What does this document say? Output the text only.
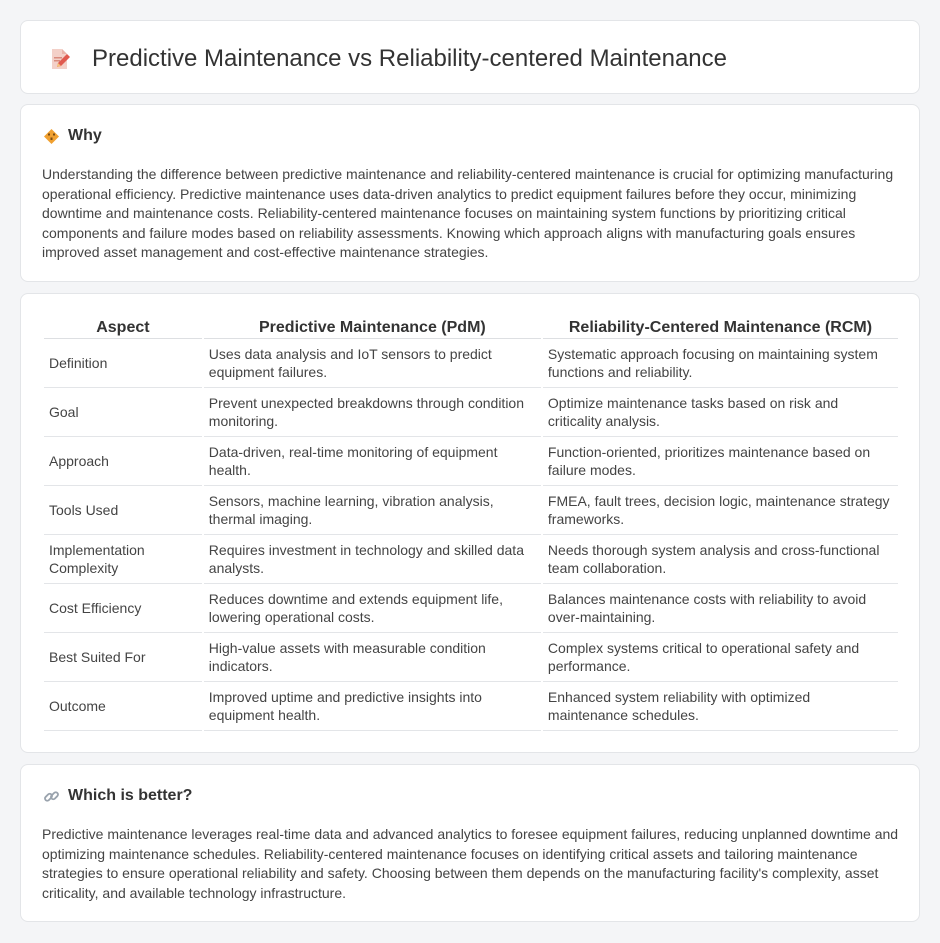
Predictive Maintenance vs Reliability-centered Maintenance
Why

Understanding the difference between predictive maintenance and reliability-centered maintenance is crucial for optimizing manufacturing operational efficiency. Predictive maintenance uses data-driven analytics to predict equipment failures before they occur, minimizing downtime and maintenance costs. Reliability-centered maintenance focuses on maintaining system functions by prioritizing critical components and failure modes based on reliability assessments. Knowing which approach aligns with manufacturing goals ensures improved asset management and cost-effective maintenance strategies.

Aspect	Predictive Maintenance (PdM)	Reliability-Centered Maintenance (RCM)
Definition	Uses data analysis and IoT sensors to predict equipment failures.	Systematic approach focusing on maintaining system functions and reliability.
Goal	Prevent unexpected breakdowns through condition monitoring.	Optimize maintenance tasks based on risk and criticality analysis.
Approach	Data-driven, real-time monitoring of equipment health.	Function-oriented, prioritizes maintenance based on failure modes.
Tools Used	Sensors, machine learning, vibration analysis, thermal imaging.	FMEA, fault trees, decision logic, maintenance strategy frameworks.
Implementation Complexity	Requires investment in technology and skilled data analysts.	Needs thorough system analysis and cross-functional team collaboration.
Cost Efficiency	Reduces downtime and extends equipment life, lowering operational costs.	Balances maintenance costs with reliability to avoid over-maintaining.
Best Suited For	High-value assets with measurable condition indicators.	Complex systems critical to operational safety and performance.
Outcome	Improved uptime and predictive insights into equipment health.	Enhanced system reliability with optimized maintenance schedules.
Which is better?

Predictive maintenance leverages real-time data and advanced analytics to foresee equipment failures, reducing unplanned downtime and optimizing maintenance schedules. Reliability-centered maintenance focuses on identifying critical assets and tailoring maintenance strategies to ensure operational reliability and safety. Choosing between them depends on the manufacturing facility's complexity, asset criticality, and available technology infrastructure.
